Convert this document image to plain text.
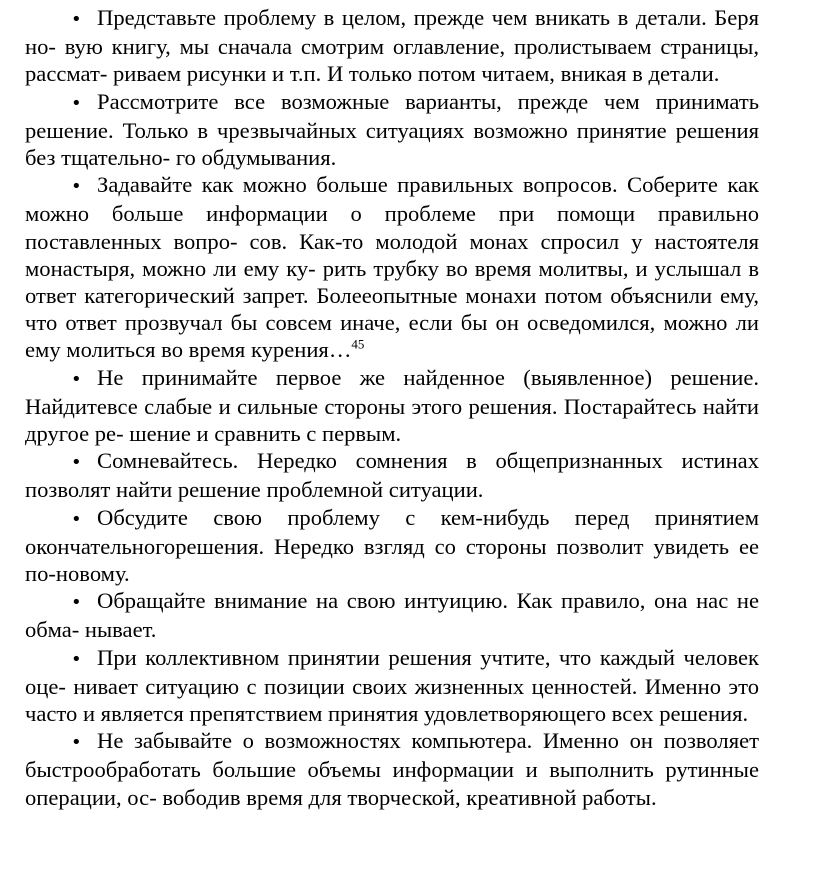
•Представьте проблему в целом, прежде чем вникать в детали. Беря но- вую книгу, мы сначала смотрим оглавление, пролистываем страницы, рассмат- риваем рисунки и т.п. И только потом читаем, вникая в детали.

•Рассмотрите все возможные варианты, прежде чем принимать решение. Только в чрезвычайных ситуациях возможно принятие решения без тщательно- го обдумывания.

•Задавайте как можно больше правильных вопросов. Соберите как можно больше информации о проблеме при помощи правильно поставленных вопро- сов. Как-то молодой монах спросил у настоятеля монастыря, можно ли ему ку- рить трубку во время молитвы, и услышал в ответ категорический запрет. Болееопытные монахи потом объяснили ему, что ответ прозвучал бы совсем иначе, если бы он осведомился, можно ли ему молиться во время курения…$^{45}$

•Не принимайте первое же найденное (выявленное) решение. Найдитевсе слабые и сильные стороны этого решения. Постарайтесь найти другое ре- шение и сравнить с первым.

•Сомневайтесь. Нередко сомнения в общепризнанных истинах позволят найти решение проблемной ситуации.

•Обсудите свою проблему с кем-нибудь перед принятием окончательногорешения. Нередко взгляд со стороны позволит увидеть ее по-новому.

•Обращайте внимание на свою интуицию. Как правило, она нас не обма- нывает.

•При коллективном принятии решения учтите, что каждый человек оце- нивает ситуацию с позиции своих жизненных ценностей. Именно это часто и является препятствием принятия удовлетворяющего всех решения.

•Не забывайте о возможностях компьютера. Именно он позволяет быстрообработать большие объемы информации и выполнить рутинные операции, ос- вободив время для творческой, креативной работы.
